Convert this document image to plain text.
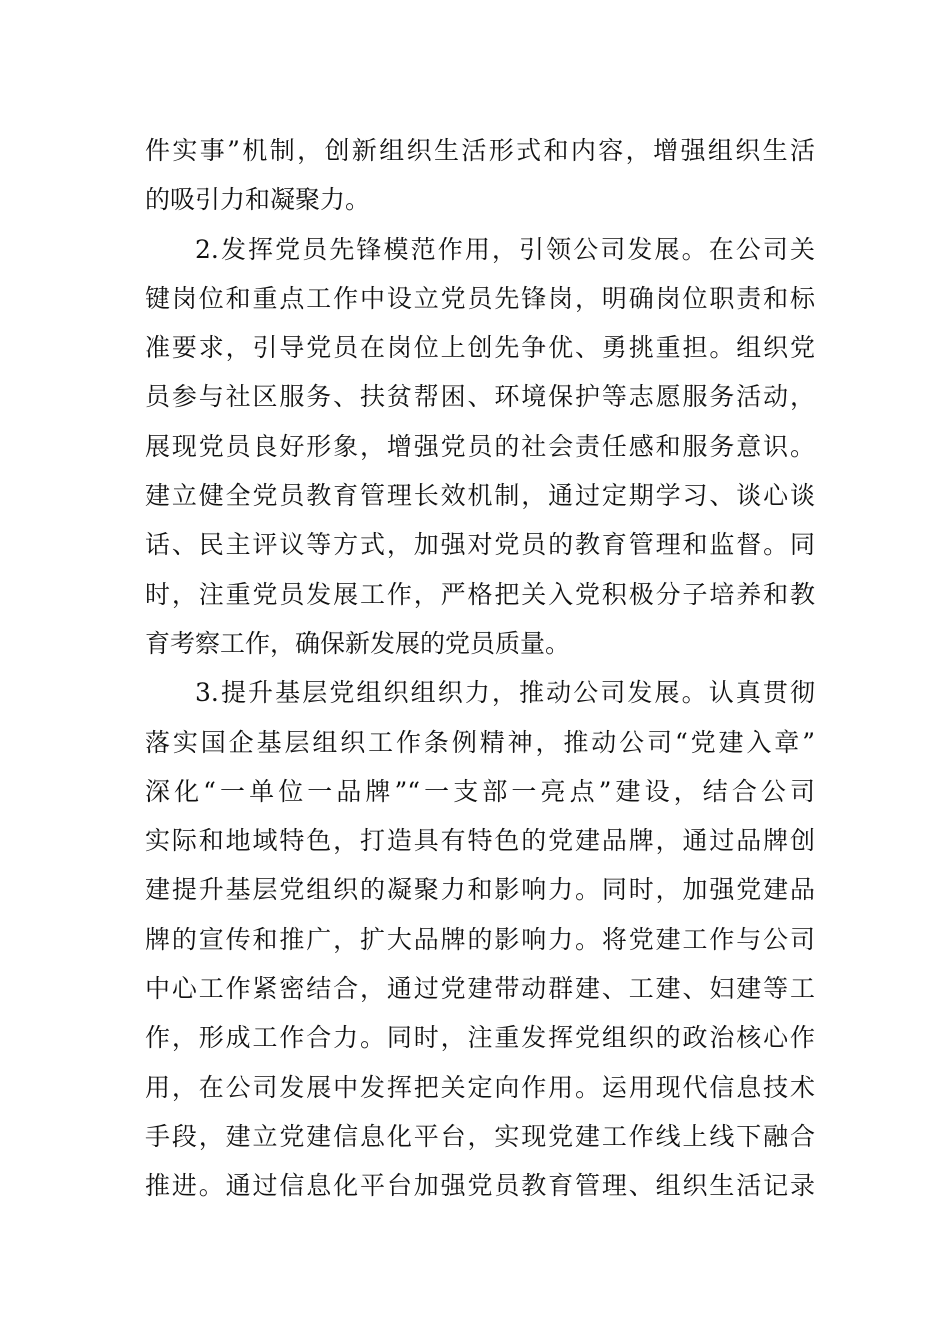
件实事”机制，创新组织生活形式和内容，增强组织生活
的吸引力和凝聚力。
2.发挥党员先锋模范作用，引领公司发展。在公司关
键岗位和重点工作中设立党员先锋岗，明确岗位职责和标
准要求，引导党员在岗位上创先争优、勇挑重担。组织党
员参与社区服务、扶贫帮困、环境保护等志愿服务活动，
展现党员良好形象，增强党员的社会责任感和服务意识。
建立健全党员教育管理长效机制，通过定期学习、谈心谈
话、民主评议等方式，加强对党员的教育管理和监督。同
时，注重党员发展工作，严格把关入党积极分子培养和教
育考察工作，确保新发展的党员质量。
3.提升基层党组织组织力，推动公司发展。认真贯彻
落实国企基层组织工作条例精神，推动公司“党建入章”
深化“一单位一品牌”“一支部一亮点”建设，结合公司
实际和地域特色，打造具有特色的党建品牌，通过品牌创
建提升基层党组织的凝聚力和影响力。同时，加强党建品
牌的宣传和推广，扩大品牌的影响力。将党建工作与公司
中心工作紧密结合，通过党建带动群建、工建、妇建等工
作，形成工作合力。同时，注重发挥党组织的政治核心作
用，在公司发展中发挥把关定向作用。运用现代信息技术
手段，建立党建信息化平台，实现党建工作线上线下融合
推进。通过信息化平台加强党员教育管理、组织生活记录
